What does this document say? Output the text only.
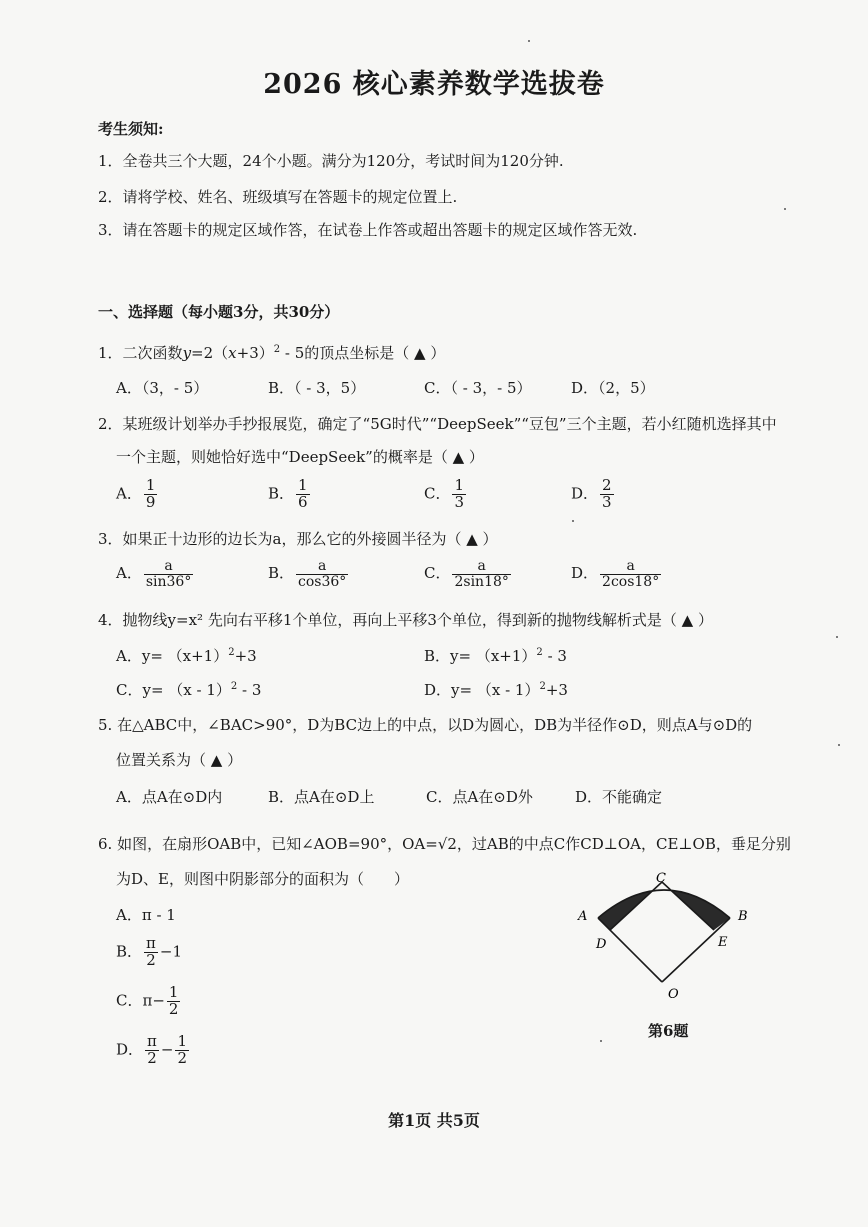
2026 核心素养数学选拔卷
考生须知:
1．全卷共三个大题，24个小题。满分为120分，考试时间为120分钟.
2．请将学校、姓名、班级填写在答题卡的规定位置上.
3．请在答题卡的规定区域作答，在试卷上作答或超出答题卡的规定区域作答无效.
一、选择题（每小题3分，共30分）
1．二次函数$y=2(x+3)^2 - 5$的顶点坐标是（ ▲ ）
A．（3，- 5）	B．（ - 3，5）	C．（ - 3，- 5）	D．（2，5）
2．某班级计划举办手抄报展览，确定了“5G时代”“DeepSeek”“豆包”三个主题，若小红随机选择其中
一个主题，则她恰好选中“DeepSeek”的概率是（ ▲ ）
A． $\frac{1}{9}$	B． $\frac{1}{6}$	C． $\frac{1}{3}$	D． $\frac{2}{3}$
3．如果正十边形的边长为a，那么它的外接圆半径为（ ▲ ）
A． $\frac{a}{\sin 36^\circ}$	B． $\frac{a}{\cos 36^\circ}$	C． $\frac{a}{2\sin 18^\circ}$	D． $\frac{a}{2\cos 18^\circ}$
4．抛物线y=x² 先向右平移1个单位，再向上平移3个单位，得到新的抛物线解析式是（ ▲ ）
A．$y= (x+1)^2+3$	B．$y= (x+1)^2 - 3$
C．y= （x - 1）$^2$ - 3	D．y= （x - 1）$^2$+3
5. 在△ABC中，∠BAC>90°，D为BC边上的中点，以D为圆心，DB为半径作⊙D，则点A与⊙D的
位置关系为（ ▲ ）
A．点A在⊙D内	B．点A在⊙D上	C．点A在⊙D外	D．不能确定
6. 如图，在扇形OAB中，已知∠AOB=90°，OA=√2，过AB的中点C作CD⊥OA，CE⊥OB，垂足分别
为D、E，则图中阴影部分的面积为（　　）
A．π - 1
B． $\frac{\pi}{2} -1$
C．$\pi- \frac{1}{2}$
D． $\frac{\pi}{2} - \frac{1}{2}$
C
A	B
D	E
O
第6题
第1页 共5页
